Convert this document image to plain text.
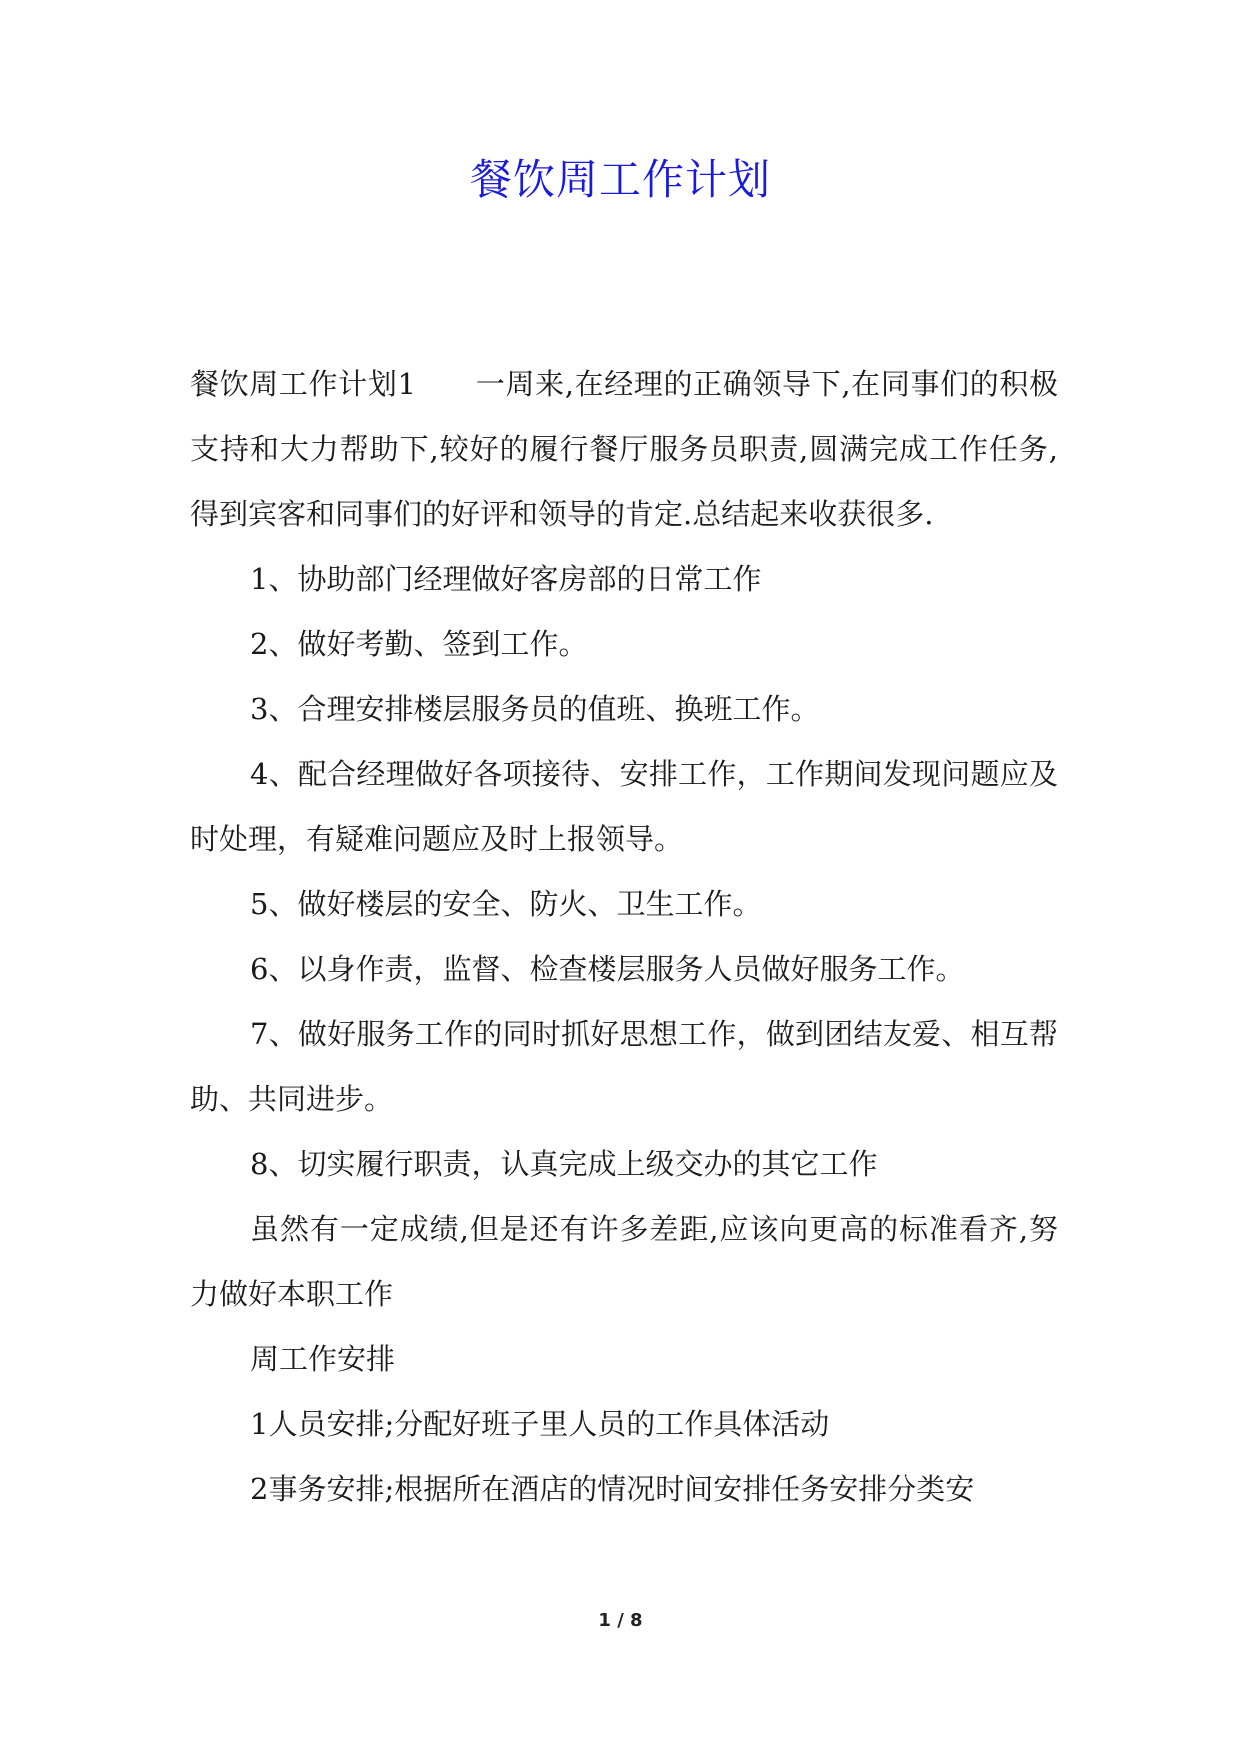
餐饮周工作计划

餐饮周工作计划1　　一周来,在经理的正确领导下,在同事们的积极支持和大力帮助下,较好的履行餐厅服务员职责,圆满完成工作任务,得到宾客和同事们的好评和领导的肯定.总结起来收获很多.

1、协助部门经理做好客房部的日常工作

2、做好考勤、签到工作。

3、合理安排楼层服务员的值班、换班工作。

4、配合经理做好各项接待、安排工作，工作期间发现问题应及时处理，有疑难问题应及时上报领导。

5、做好楼层的安全、防火、卫生工作。

6、以身作责，监督、检查楼层服务人员做好服务工作。

7、做好服务工作的同时抓好思想工作，做到团结友爱、相互帮助、共同进步。

8、切实履行职责，认真完成上级交办的其它工作

虽然有一定成绩,但是还有许多差距,应该向更高的标准看齐,努力做好本职工作

周工作安排

1人员安排;分配好班子里人员的工作具体活动

2事务安排;根据所在酒店的情况时间安排任务安排分类安

1 / 8
